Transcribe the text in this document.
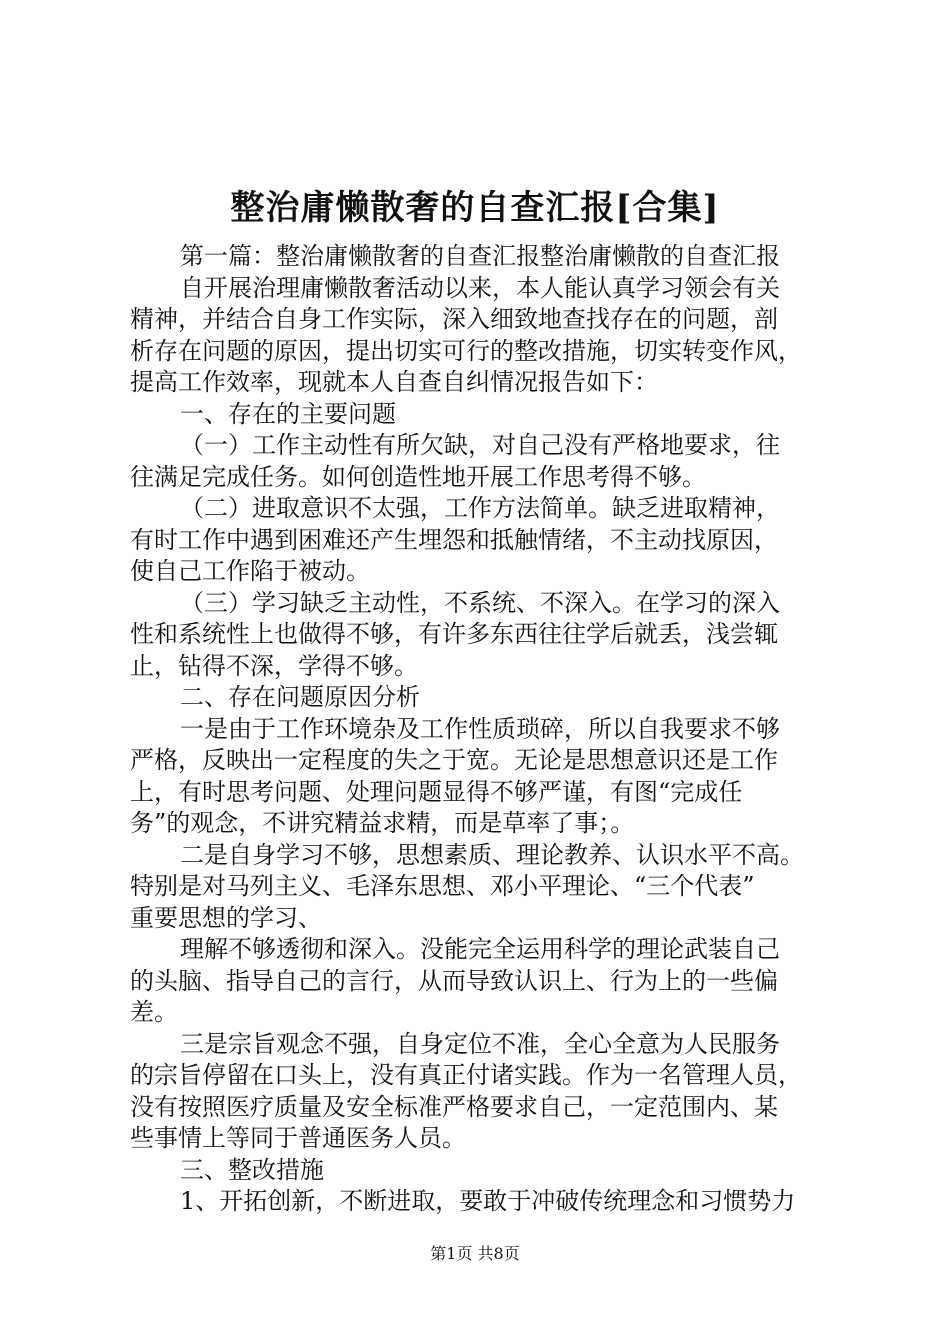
整治庸懒散奢的自查汇报[合集]
第一篇：整治庸懒散奢的自查汇报整治庸懒散的自查汇报
自开展治理庸懒散奢活动以来，本人能认真学习领会有关
精神，并结合自身工作实际，深入细致地查找存在的问题，剖
析存在问题的原因，提出切实可行的整改措施，切实转变作风，
提高工作效率，现就本人自查自纠情况报告如下：
一、存在的主要问题
（一）工作主动性有所欠缺，对自己没有严格地要求，往
往满足完成任务。如何创造性地开展工作思考得不够。
（二）进取意识不太强，工作方法简单。缺乏进取精神，
有时工作中遇到困难还产生埋怨和抵触情绪，不主动找原因，
使自己工作陷于被动。
（三）学习缺乏主动性，不系统、不深入。在学习的深入
性和系统性上也做得不够，有许多东西往往学后就丢，浅尝辄
止，钻得不深，学得不够。
二、存在问题原因分析
一是由于工作环境杂及工作性质琐碎，所以自我要求不够
严格，反映出一定程度的失之于宽。无论是思想意识还是工作
上，有时思考问题、处理问题显得不够严谨，有图“完成任
务”的观念，不讲究精益求精，而是草率了事；。
二是自身学习不够，思想素质、理论教养、认识水平不高。
特别是对马列主义、毛泽东思想、邓小平理论、“三个代表”
重要思想的学习、
理解不够透彻和深入。没能完全运用科学的理论武装自己
的头脑、指导自己的言行，从而导致认识上、行为上的一些偏
差。
三是宗旨观念不强，自身定位不准，全心全意为人民服务
的宗旨停留在口头上，没有真正付诸实践。作为一名管理人员，
没有按照医疗质量及安全标准严格要求自己，一定范围内、某
些事情上等同于普通医务人员。
三、整改措施
1、开拓创新，不断进取，要敢于冲破传统理念和习惯势力
第1页 共8页
